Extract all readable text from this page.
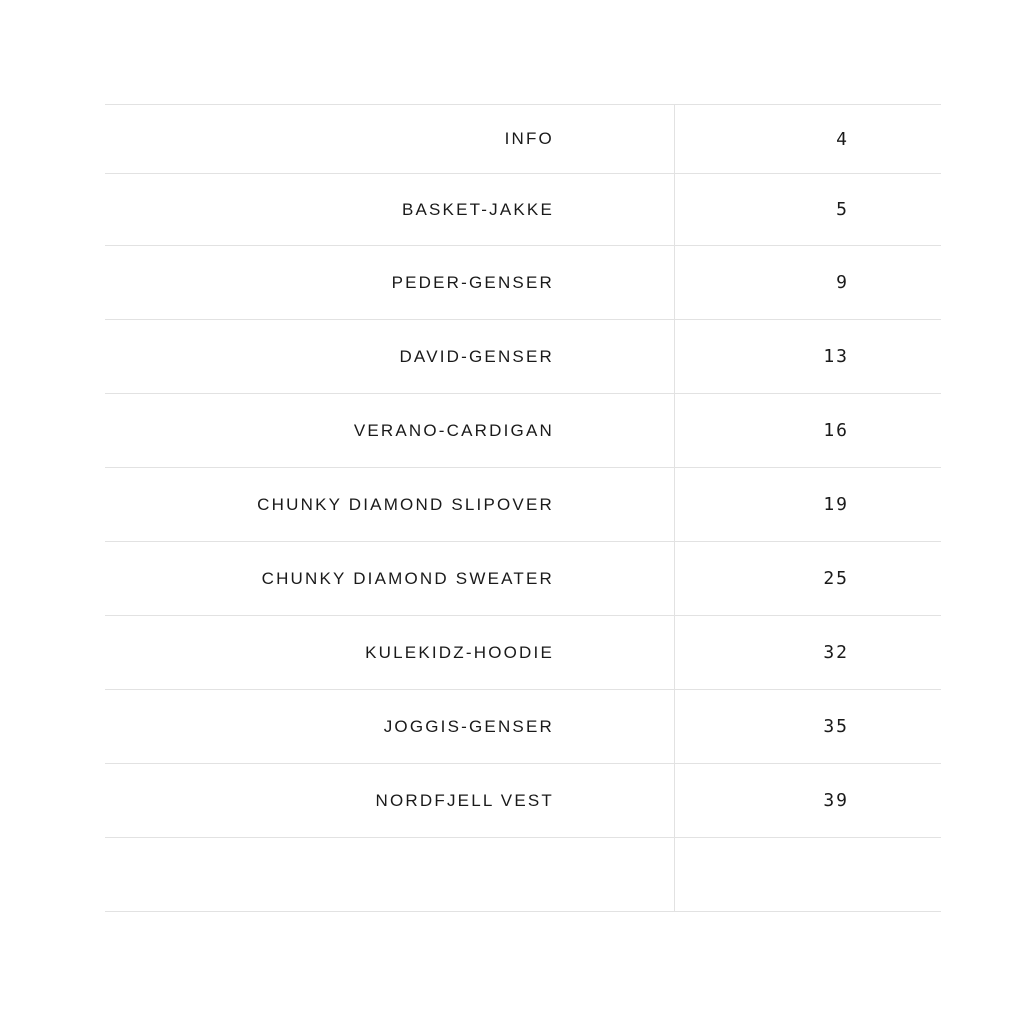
INFO	4
BASKET-JAKKE	5
PEDER-GENSER	9
DAVID-GENSER	13
VERANO-CARDIGAN	16
CHUNKY DIAMOND SLIPOVER	19
CHUNKY DIAMOND SWEATER	25
KULEKIDZ-HOODIE	32
JOGGIS-GENSER	35
NORDFJELL VEST	39
